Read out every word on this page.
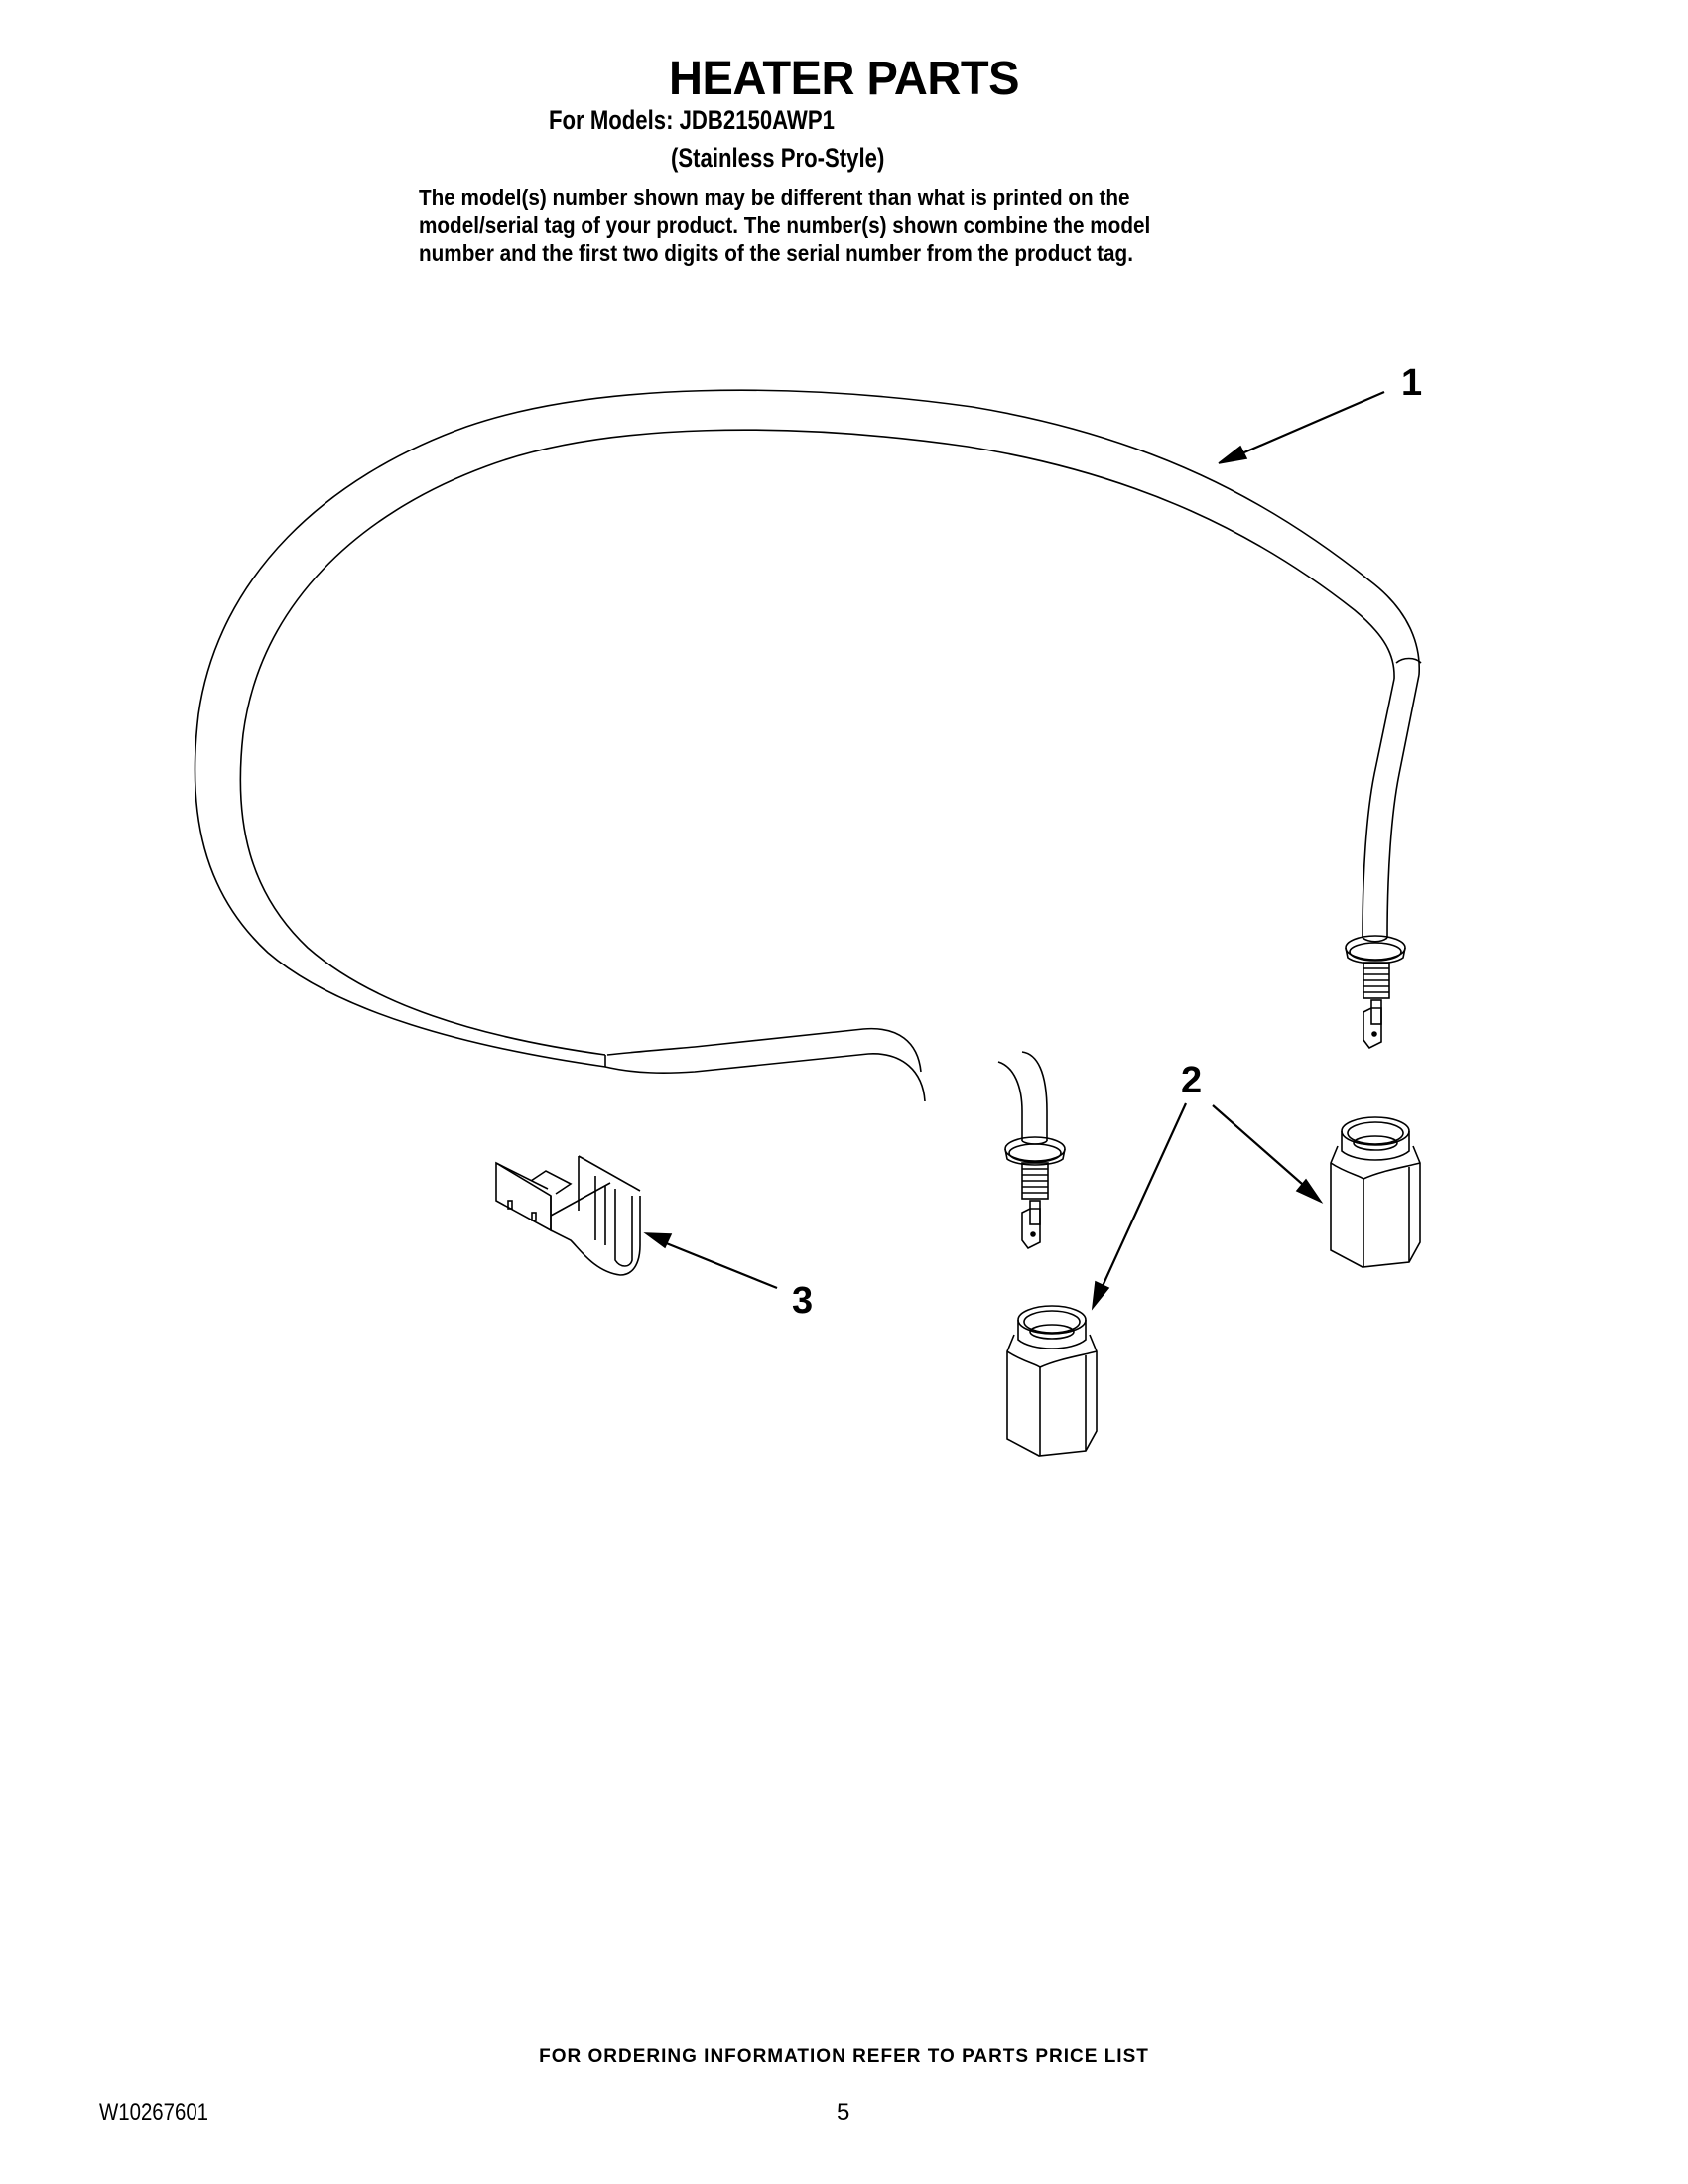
HEATER PARTS
For Models: JDB2150AWP1
(Stainless Pro-Style)
The model(s) number shown may be different than what is printed on the
model/serial tag of your product. The number(s) shown combine the model
number and the first two digits of the serial number from the product tag.
1
2
3
FOR ORDERING INFORMATION REFER TO PARTS PRICE LIST
W10267601	5
